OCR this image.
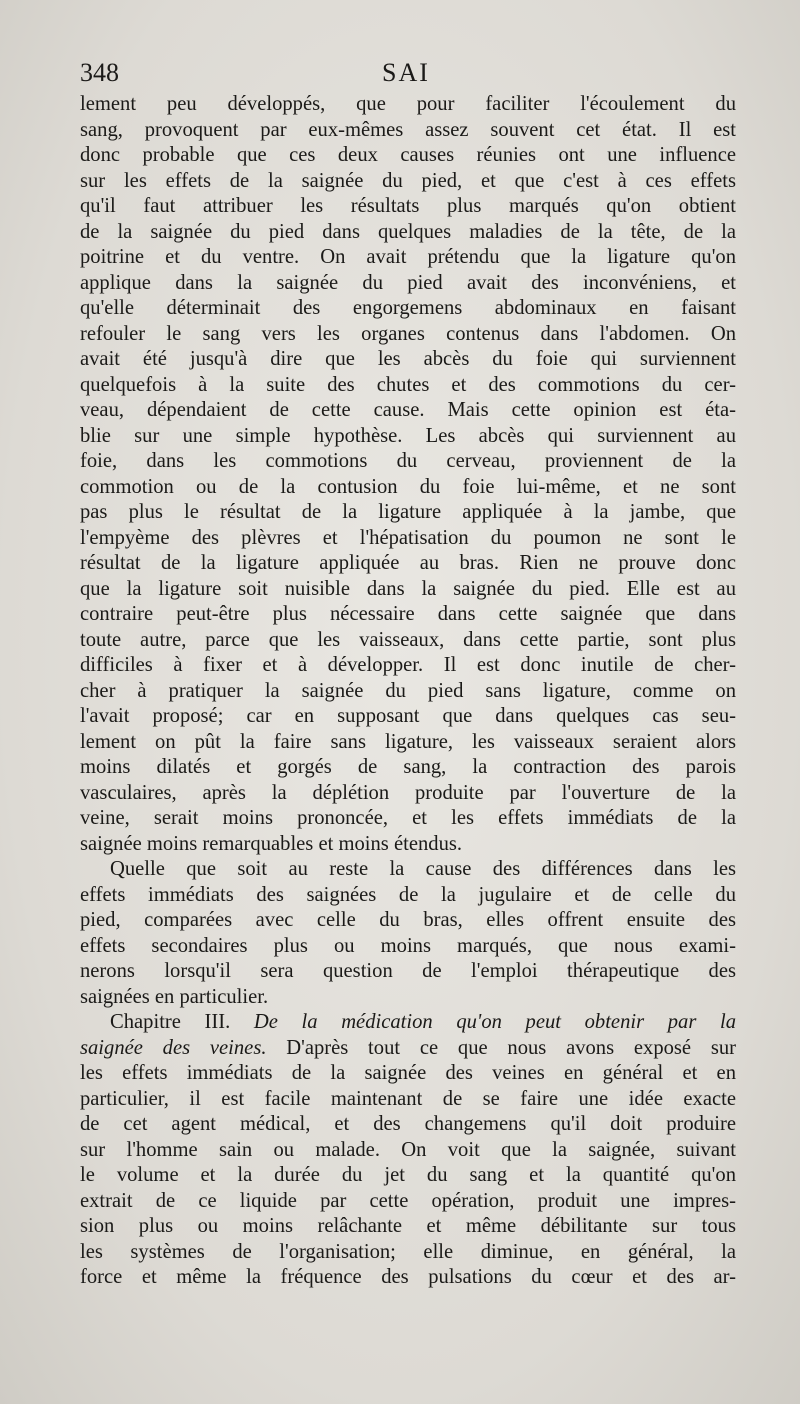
348	SAI
lement peu développés, que pour faciliter l'écoulement du
sang, provoquent par eux-mêmes assez souvent cet état. Il est
donc probable que ces deux causes réunies ont une influence
sur les effets de la saignée du pied, et que c'est à ces effets
qu'il faut attribuer les résultats plus marqués qu'on obtient
de la saignée du pied dans quelques maladies de la tête, de la
poitrine et du ventre. On avait prétendu que la ligature qu'on
applique dans la saignée du pied avait des inconvéniens, et
qu'elle déterminait des engorgemens abdominaux en faisant
refouler le sang vers les organes contenus dans l'abdomen. On
avait été jusqu'à dire que les abcès du foie qui surviennent
quelquefois à la suite des chutes et des commotions du cer-
veau, dépendaient de cette cause. Mais cette opinion est éta-
blie sur une simple hypothèse. Les abcès qui surviennent au
foie, dans les commotions du cerveau, proviennent de la
commotion ou de la contusion du foie lui-même, et ne sont
pas plus le résultat de la ligature appliquée à la jambe, que
l'empyème des plèvres et l'hépatisation du poumon ne sont le
résultat de la ligature appliquée au bras. Rien ne prouve donc
que la ligature soit nuisible dans la saignée du pied. Elle est au
contraire peut-être plus nécessaire dans cette saignée que dans
toute autre, parce que les vaisseaux, dans cette partie, sont plus
difficiles à fixer et à développer. Il est donc inutile de cher-
cher à pratiquer la saignée du pied sans ligature, comme on
l'avait proposé; car en supposant que dans quelques cas seu-
lement on pût la faire sans ligature, les vaisseaux seraient alors
moins dilatés et gorgés de sang, la contraction des parois
vasculaires, après la déplétion produite par l'ouverture de la
veine, serait moins prononcée, et les effets immédiats de la
saignée moins remarquables et moins étendus.
Quelle que soit au reste la cause des différences dans les
effets immédiats des saignées de la jugulaire et de celle du
pied, comparées avec celle du bras, elles offrent ensuite des
effets secondaires plus ou moins marqués, que nous exami-
nerons lorsqu'il sera question de l'emploi thérapeutique des
saignées en particulier.
Chapitre III. De la médication qu'on peut obtenir par la
saignée des veines. D'après tout ce que nous avons exposé sur
les effets immédiats de la saignée des veines en général et en
particulier, il est facile maintenant de se faire une idée exacte
de cet agent médical, et des changemens qu'il doit produire
sur l'homme sain ou malade. On voit que la saignée, suivant
le volume et la durée du jet du sang et la quantité qu'on
extrait de ce liquide par cette opération, produit une impres-
sion plus ou moins relâchante et même débilitante sur tous
les systèmes de l'organisation; elle diminue, en général, la
force et même la fréquence des pulsations du cœur et des ar-
